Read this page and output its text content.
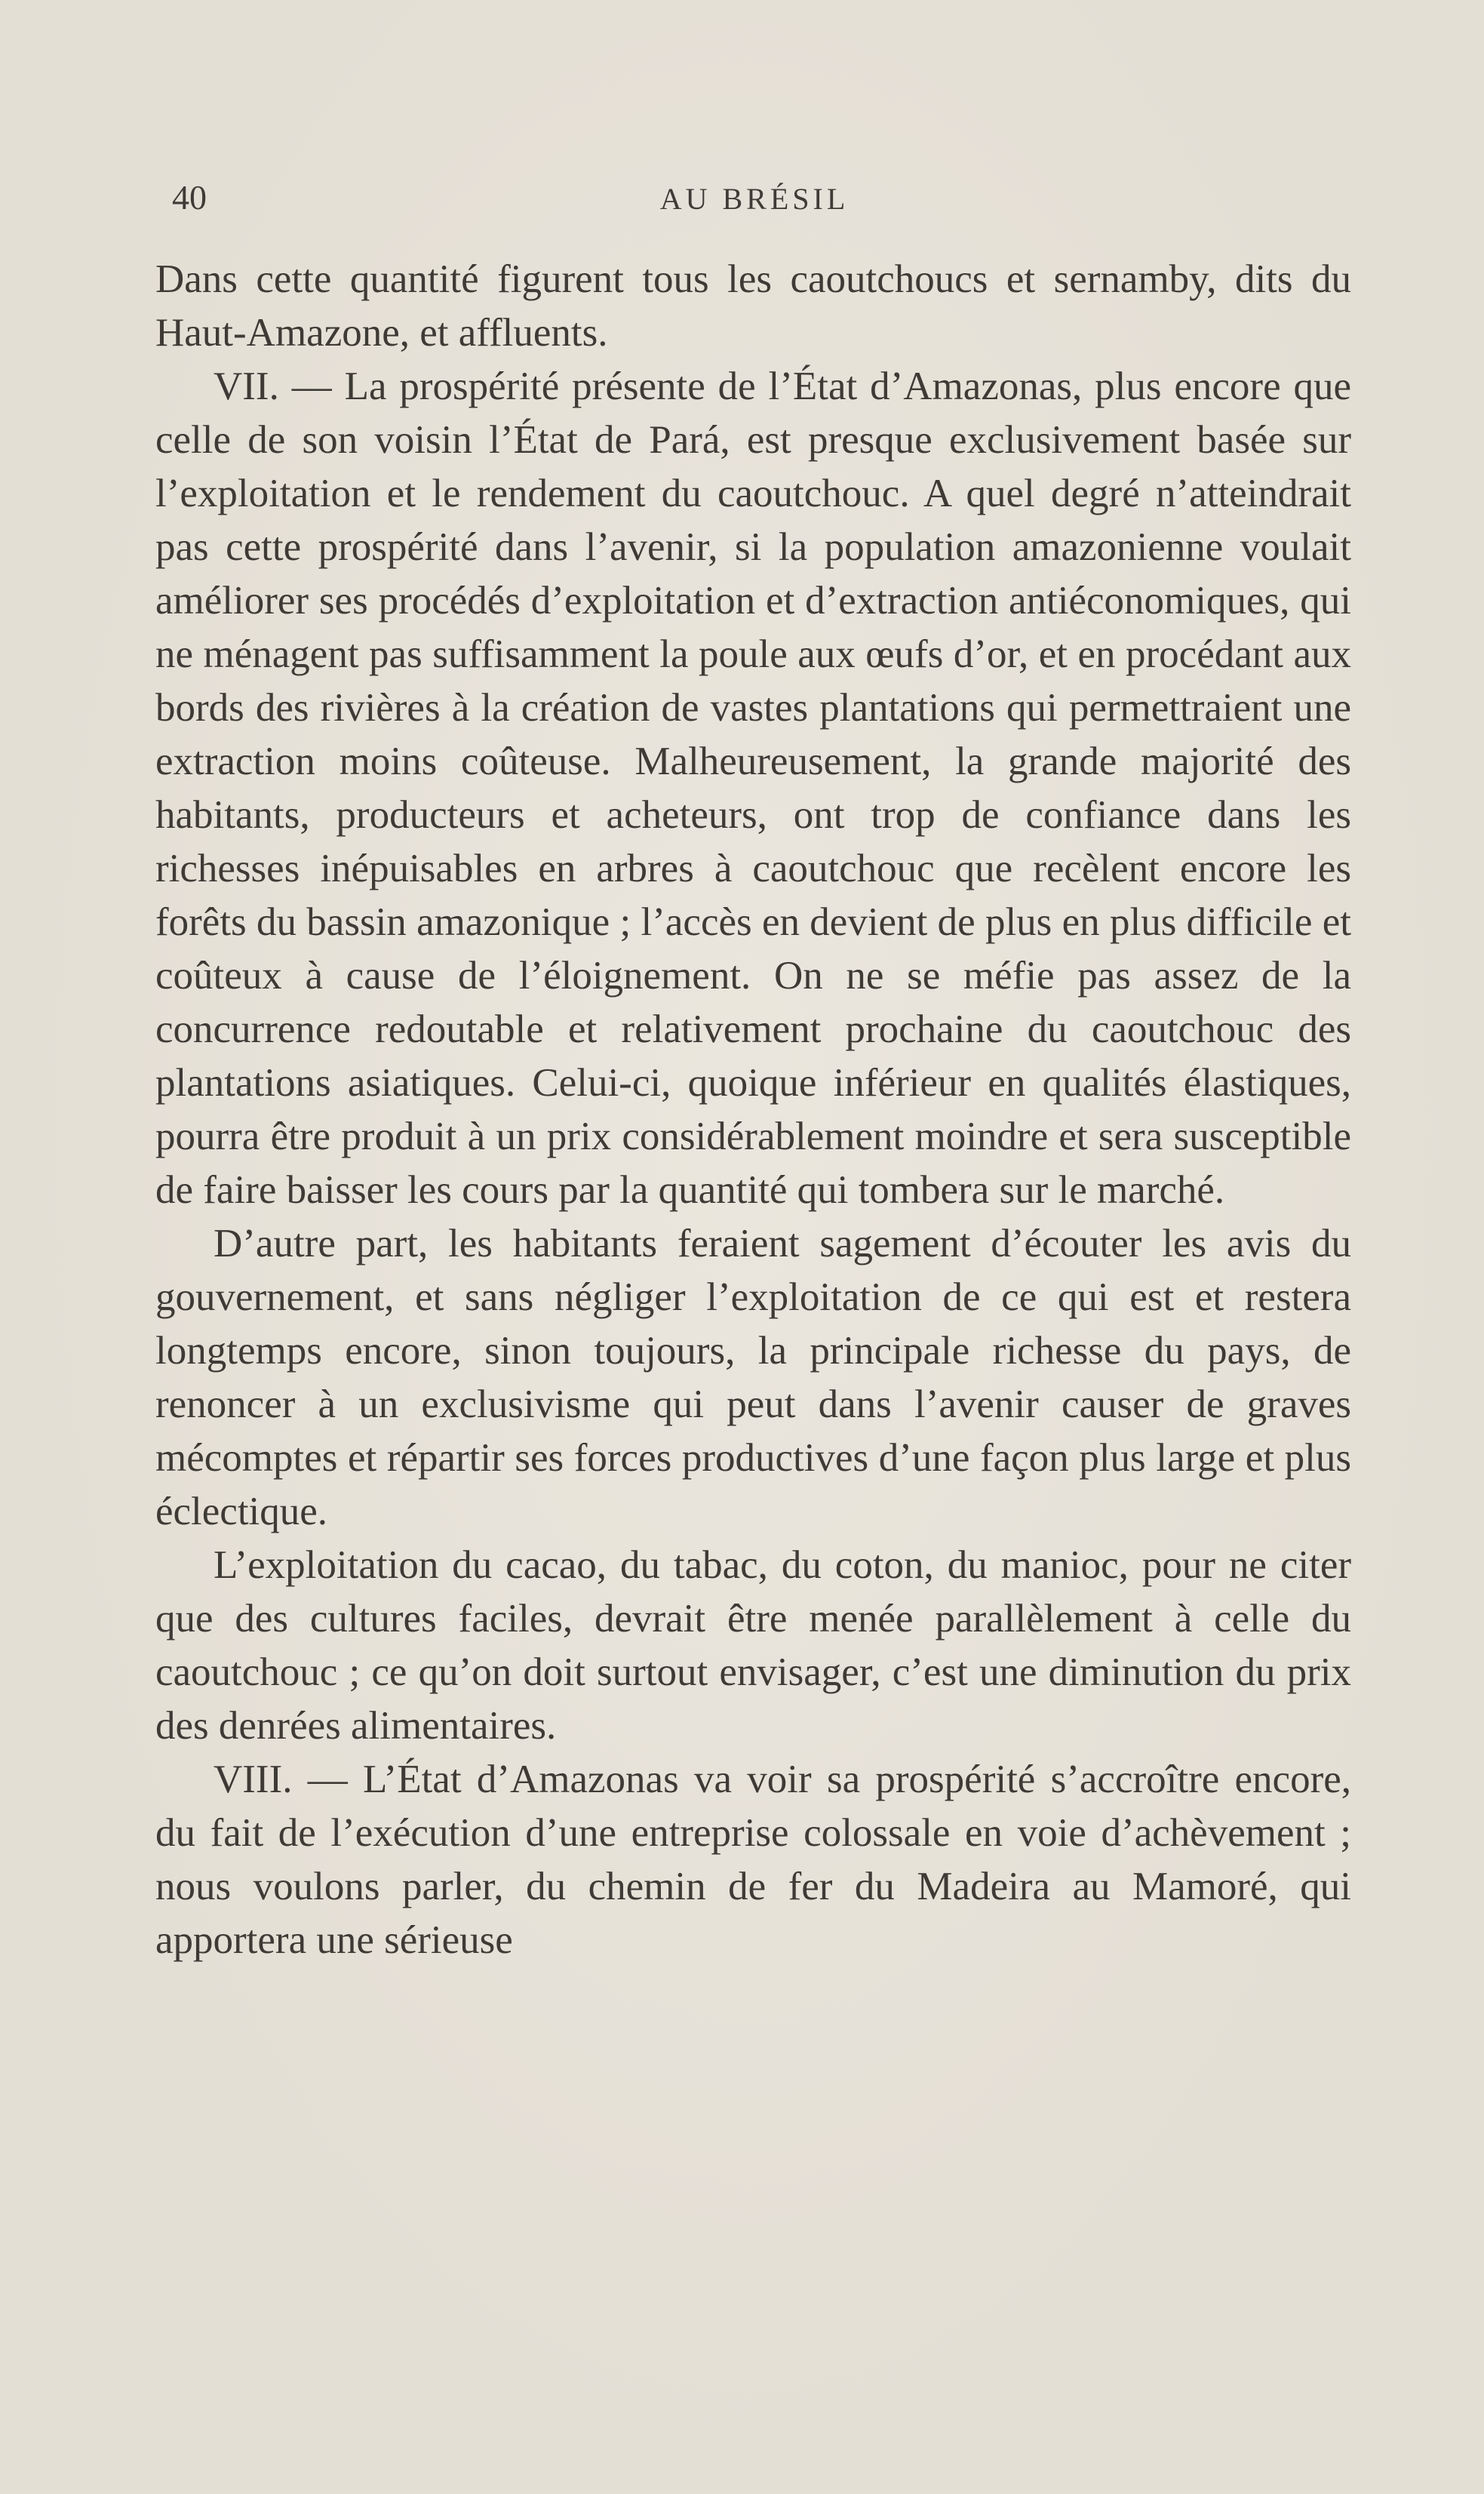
40	AU BRÉSIL

Dans cette quantité figurent tous les caoutchoucs et sernamby, dits du Haut-Amazone, et affluents.

VII. — La prospérité présente de l’État d’Amazonas, plus encore que celle de son voisin l’État de Pará, est presque exclusivement basée sur l’exploitation et le rendement du caoutchouc. A quel degré n’atteindrait pas cette prospérité dans l’avenir, si la population amazonienne voulait améliorer ses procédés d’exploitation et d’extraction antiéconomiques, qui ne ménagent pas suffisamment la poule aux œufs d’or, et en procédant aux bords des rivières à la création de vastes plantations qui permettraient une extraction moins coûteuse. Malheureusement, la grande majorité des habitants, producteurs et acheteurs, ont trop de confiance dans les richesses inépuisables en arbres à caoutchouc que recèlent encore les forêts du bassin amazonique ; l’accès en devient de plus en plus difficile et coûteux à cause de l’éloignement. On ne se méfie pas assez de la concurrence redoutable et relativement prochaine du caoutchouc des plantations asiatiques. Celui-ci, quoique inférieur en qualités élastiques, pourra être produit à un prix considérablement moindre et sera susceptible de faire baisser les cours par la quantité qui tombera sur le marché.

D’autre part, les habitants feraient sagement d’écouter les avis du gouvernement, et sans négliger l’exploitation de ce qui est et restera longtemps encore, sinon toujours, la principale richesse du pays, de renoncer à un exclusivisme qui peut dans l’avenir causer de graves mécomptes et répartir ses forces productives d’une façon plus large et plus éclectique.

L’exploitation du cacao, du tabac, du coton, du manioc, pour ne citer que des cultures faciles, devrait être menée parallèlement à celle du caoutchouc ; ce qu’on doit surtout envisager, c’est une diminution du prix des denrées alimentaires.

VIII. — L’État d’Amazonas va voir sa prospérité s’accroître encore, du fait de l’exécution d’une entreprise colossale en voie d’achèvement ; nous voulons parler, du chemin de fer du Madeira au Mamoré, qui apportera une sérieuse
